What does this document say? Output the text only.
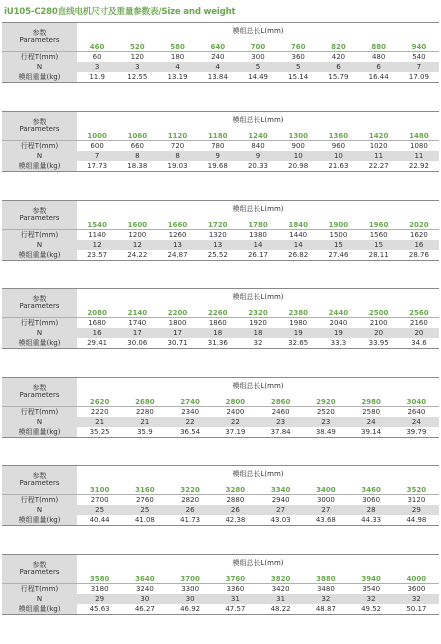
iU105-C280直线电机尺寸及重量参数表/Size and weight
参数
Parameters	模组总长L(mm)								
	460	520	580	640	700	760	820	880	940
行程T(mm)	60	120	180	240	300	360	420	480	540
N	3	3	4	4	5	5	6	6	7
模组重量(kg)	11.9	12.55	13.19	13.84	14.49	15.14	15.79	16.44	17.09
参数
Parameters	模组总长L(mm)								
	1000	1060	1120	1180	1240	1300	1360	1420	1480
行程T(mm)	600	660	720	780	840	900	960	1020	1080
N	7	8	8	9	9	10	10	11	11
模组重量(kg)	17.73	18.38	19.03	19.68	20.33	20.98	21.63	22.27	22.92
参数
Parameters	模组总长L(mm)								
	1540	1600	1660	1720	1780	1840	1900	1960	2020
行程T(mm)	1140	1200	1260	1320	1380	1440	1500	1560	1620
N	12	12	13	13	14	14	15	15	16
模组重量(kg)	23.57	24.22	24.87	25.52	26.17	26.82	27.46	28.11	28.76
参数
Parameters	模组总长L(mm)								
	2080	2140	2200	2260	2320	2380	2440	2500	2560
行程T(mm)	1680	1740	1800	1860	1920	1980	2040	2100	2160
N	16	17	17	18	18	19	19	20	20
模组重量(kg)	29.41	30.06	30.71	31.36	32	32.65	33.3	33.95	34.6
参数
Parameters	模组总长L(mm)							
	2620	2680	2740	2800	2860	2920	2980	3040
行程T(mm)	2220	2280	2340	2400	2460	2520	2580	2640
N	21	21	22	22	23	23	24	24
模组重量(kg)	35.25	35.9	36.54	37.19	37.84	38.49	39.14	39.79
参数
Parameters	模组总长L(mm)							
	3100	3160	3220	3280	3340	3400	3460	3520
行程T(mm)	2700	2760	2820	2880	2940	3000	3060	3120
N	25	25	26	26	27	27	28	29
模组重量(kg)	40.44	41.08	41.73	42.38	43.03	43.68	44.33	44.98
参数
Parameters	模组总长L(mm)							
	3580	3640	3700	3760	3820	3880	3940	4000
行程T(mm)	3180	3240	3300	3360	3420	3480	3540	3600
N	29	30	30	31	31	32	32	32
模组重量(kg)	45.63	46.27	46.92	47.57	48.22	48.87	49.52	50.17
